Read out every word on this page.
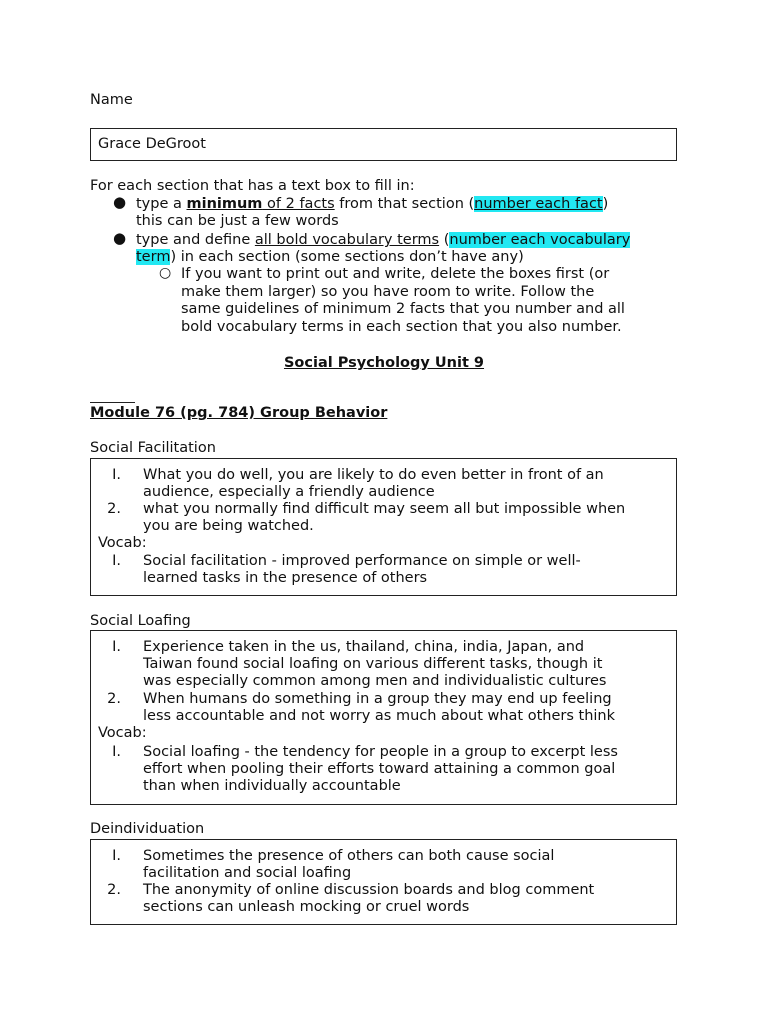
Name
Grace DeGroot
For each section that has a text box to fill in:
● type a minimum of 2 facts from that section (number each fact)
this can be just a few words
● type and define all bold vocabulary terms (number each vocabulary
term) in each section (some sections don’t have any)
○ If you want to print out and write, delete the boxes first (or
make them larger) so you have room to write. Follow the
same guidelines of minimum 2 facts that you number and all
bold vocabulary terms in each section that you also number.
Social Psychology Unit 9
Module 76 (pg. 784) Group Behavior
Social Facilitation
I. What you do well, you are likely to do even better in front of an
audience, especially a friendly audience
2. what you normally find difficult may seem all but impossible when
you are being watched.
Vocab:
I. Social facilitation - improved performance on simple or well-
learned tasks in the presence of others
Social Loafing
I. Experience taken in the us, thailand, china, india, Japan, and
Taiwan found social loafing on various different tasks, though it
was especially common among men and individualistic cultures
2. When humans do something in a group they may end up feeling
less accountable and not worry as much about what others think
Vocab:
I. Social loafing - the tendency for people in a group to excerpt less
effort when pooling their efforts toward attaining a common goal
than when individually accountable
Deindividuation
I. Sometimes the presence of others can both cause social
facilitation and social loafing
2. The anonymity of online discussion boards and blog comment
sections can unleash mocking or cruel words
